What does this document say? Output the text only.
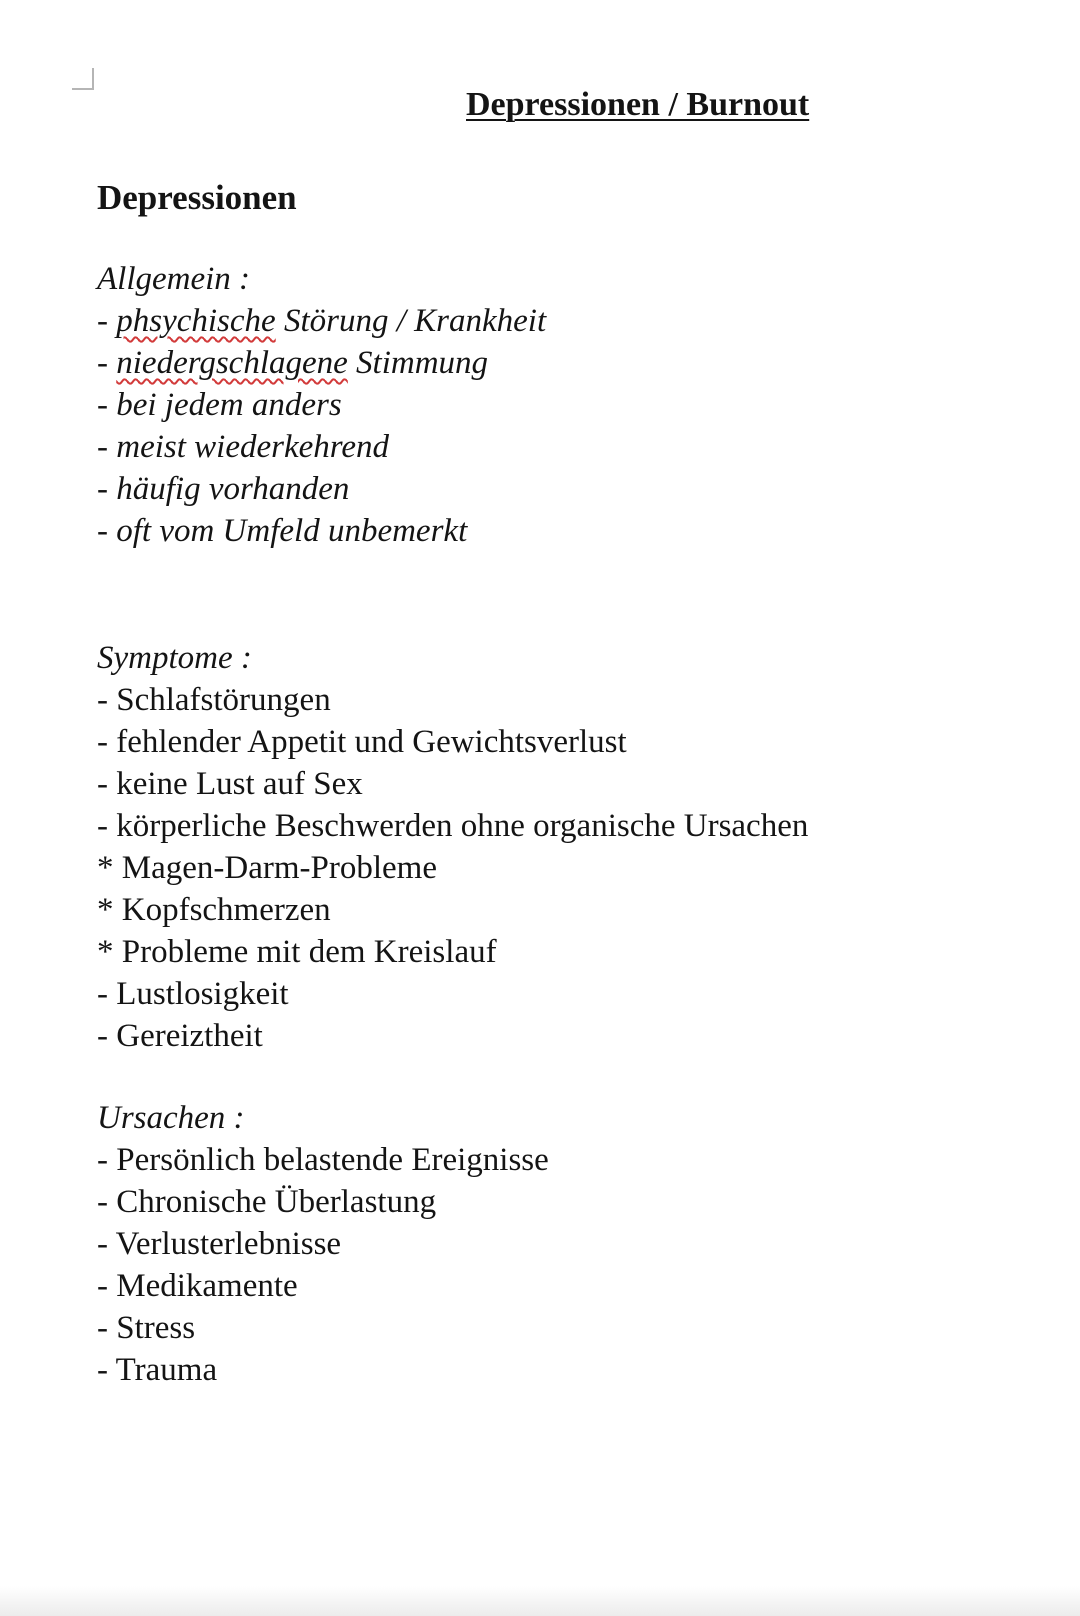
Depressionen / Burnout
Depressionen
Allgemein :
- phsychische Störung / Krankheit
- niedergschlagene Stimmung
- bei jedem anders
- meist wiederkehrend
- häufig vorhanden
- oft vom Umfeld unbemerkt
Symptome :
- Schlafstörungen
- fehlender Appetit und Gewichtsverlust
- keine Lust auf Sex
- körperliche Beschwerden ohne organische Ursachen
* Magen-Darm-Probleme
* Kopfschmerzen
* Probleme mit dem Kreislauf
- Lustlosigkeit
- Gereiztheit
Ursachen :
- Persönlich belastende Ereignisse
- Chronische Überlastung
- Verlusterlebnisse
- Medikamente
- Stress
- Trauma
